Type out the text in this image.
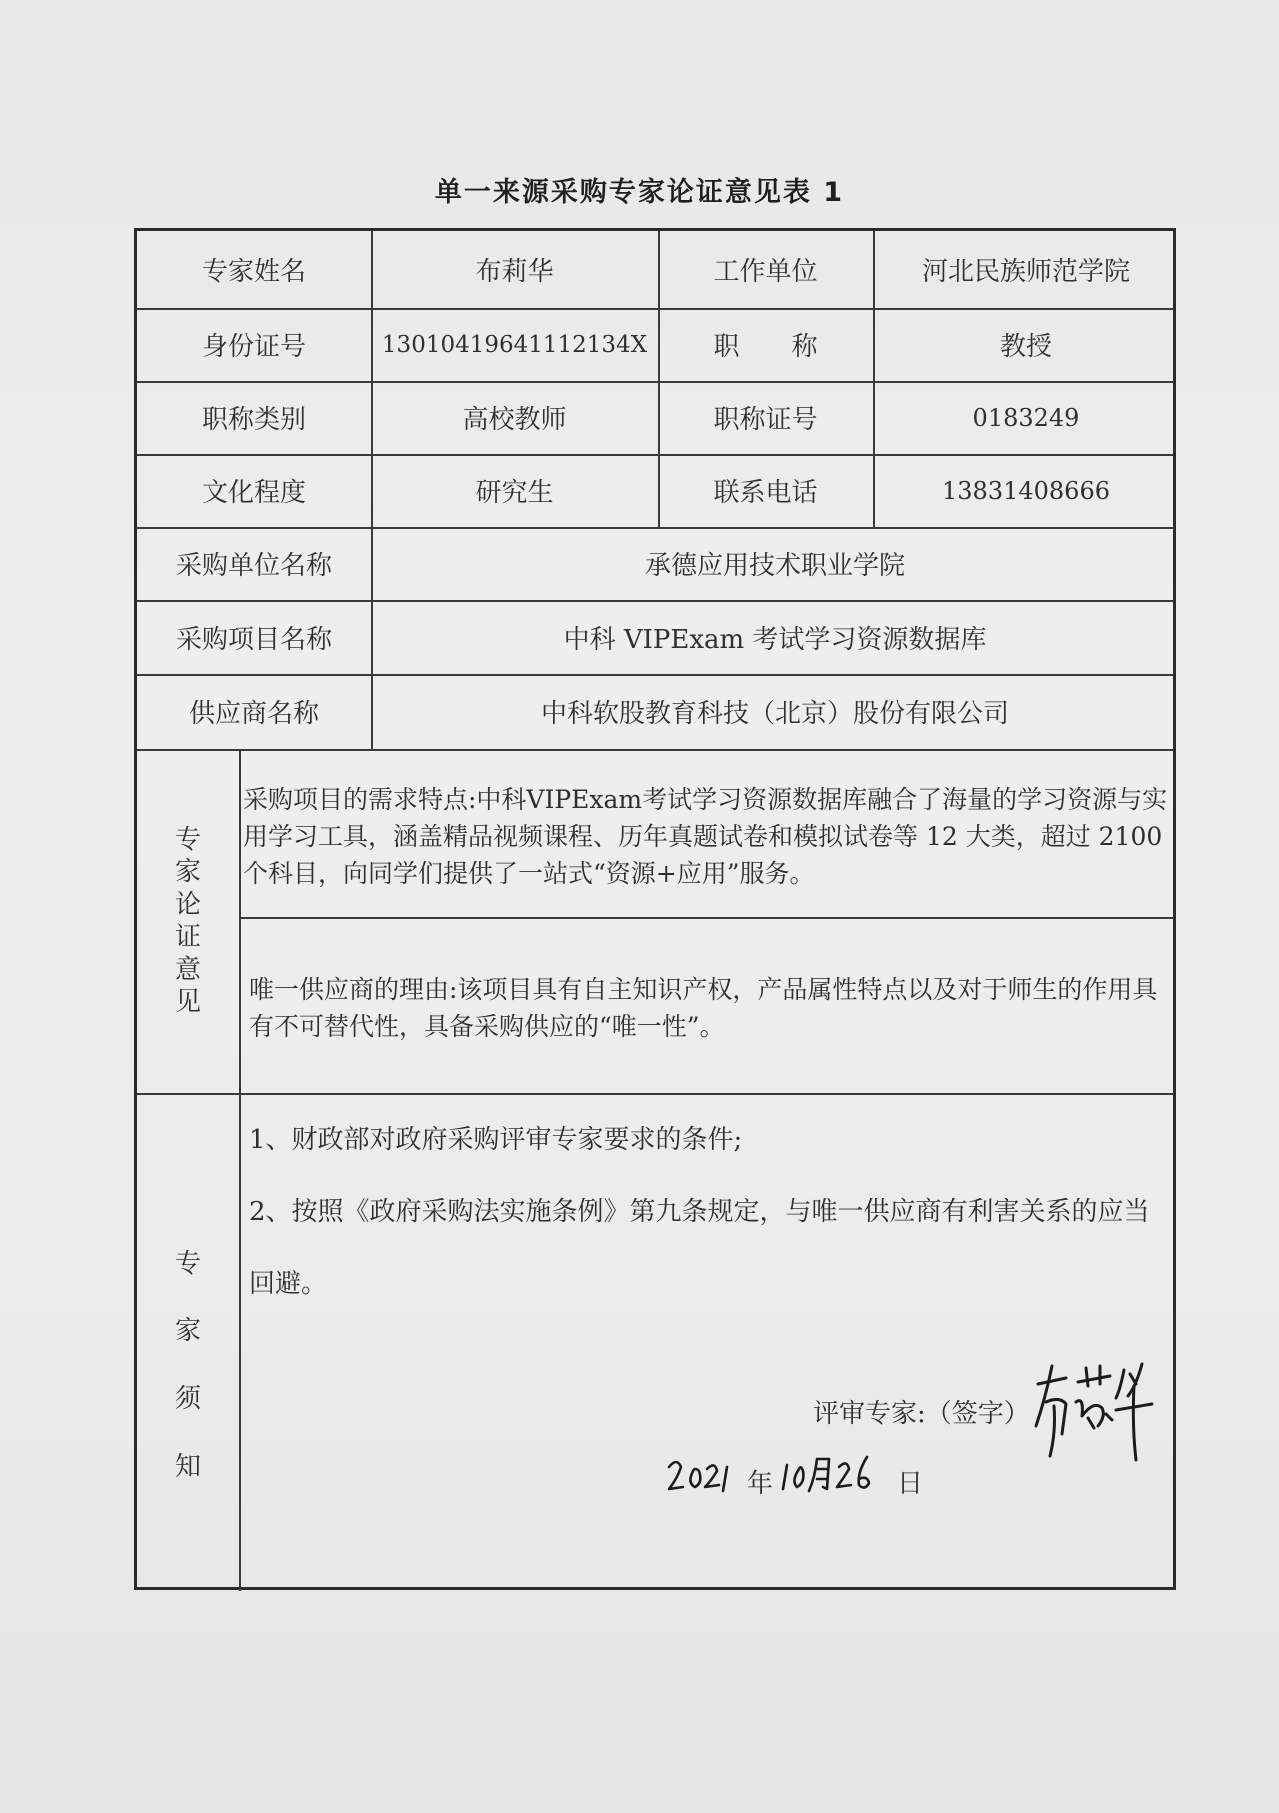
单一来源采购专家论证意见表 1
专家姓名	布莉华	工作单位	河北民族师范学院
身份证号	13010419641112134X	职　　称	教授
职称类别	高校教师	职称证号	0183249
文化程度	研究生	联系电话	13831408666
采购单位名称	承德应用技术职业学院
采购项目名称	中科 VIPExam 考试学习资源数据库
供应商名称	中科软股教育科技（北京）股份有限公司
专
家
论
证
意
见
采购项目的需求特点:中科VIPExam考试学习资源数据库融合了海量的学习资源与实用学习工具，涵盖精品视频课程、历年真题试卷和模拟试卷等 12 大类，超过 2100 个科目，向同学们提供了一站式“资源+应用”服务。
唯一供应商的理由:该项目具有自主知识产权，产品属性特点以及对于师生的作用具有不可替代性，具备采购供应的“唯一性”。
专
家
须
知
1、财政部对政府采购评审专家要求的条件;
2、按照《政府采购法实施条例》第九条规定，与唯一供应商有利害关系的应当
回避。
评审专家:（签字）
年	日
